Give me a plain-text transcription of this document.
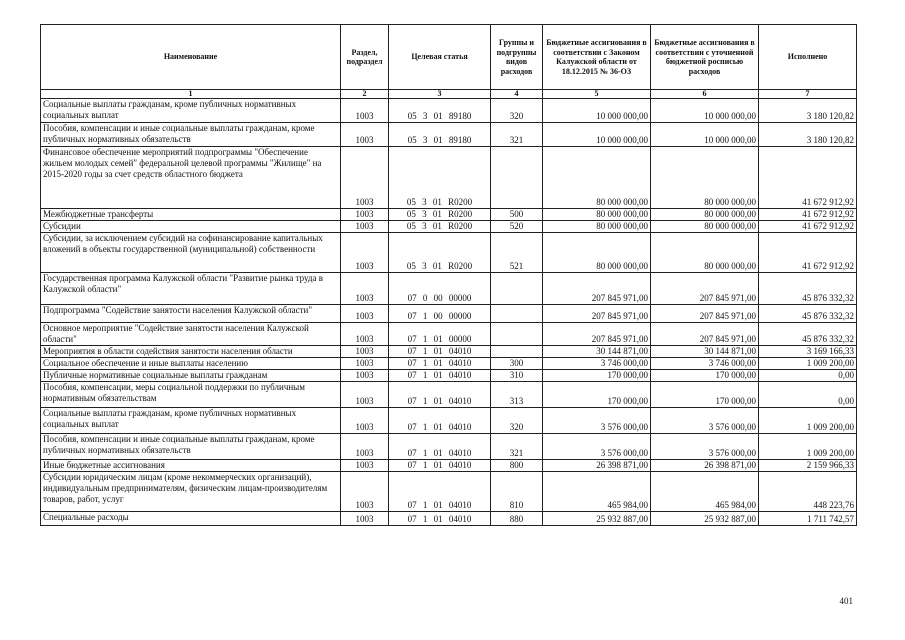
Наименование	Раздел, подраздел	Целевая статья	Группы и подгруппы видов расходов	Бюджетные ассигнования в соответствии с Законом Калужской области от 18.12.2015 № 36-ОЗ	Бюджетные ассигнования в соответствии с уточненной бюджетной росписью расходов	Исполнено
1	2	3	4	5	6	7
Социальные выплаты гражданам, кроме публичных нормативных социальных выплат	1003	05 3 01 89180	320	10 000 000,00	10 000 000,00	3 180 120,82
Пособия, компенсации и иные социальные выплаты гражданам, кроме публичных нормативных обязательств	1003	05 3 01 89180	321	10 000 000,00	10 000 000,00	3 180 120,82
Финансовое обеспечение мероприятий подпрограммы "Обеспечение жильем молодых семей" федеральной целевой программы "Жилище" на 2015-2020 годы за счет средств областного бюджета	1003	05 3 01 R0200		80 000 000,00	80 000 000,00	41 672 912,92
Межбюджетные трансферты	1003	05 3 01 R0200	500	80 000 000,00	80 000 000,00	41 672 912,92
Субсидии	1003	05 3 01 R0200	520	80 000 000,00	80 000 000,00	41 672 912,92
Субсидии, за исключением субсидий на софинансирование капитальных вложений в объекты государственной (муниципальной) собственности	1003	05 3 01 R0200	521	80 000 000,00	80 000 000,00	41 672 912,92
Государственная программа Калужской области "Развитие рынка труда в Калужской области"	1003	07 0 00 00000		207 845 971,00	207 845 971,00	45 876 332,32
Подпрограмма "Содействие занятости населения Калужской области"	1003	07 1 00 00000		207 845 971,00	207 845 971,00	45 876 332,32
Основное мероприятие "Содействие занятости населения Калужской области"	1003	07 1 01 00000		207 845 971,00	207 845 971,00	45 876 332,32
Мероприятия в области содействия занятости населения области	1003	07 1 01 04010		30 144 871,00	30 144 871,00	3 169 166,33
Социальное обеспечение и иные выплаты населению	1003	07 1 01 04010	300	3 746 000,00	3 746 000,00	1 009 200,00
Публичные нормативные социальные выплаты гражданам	1003	07 1 01 04010	310	170 000,00	170 000,00	0,00
Пособия, компенсации, меры социальной поддержки по публичным нормативным обязательствам	1003	07 1 01 04010	313	170 000,00	170 000,00	0,00
Социальные выплаты гражданам, кроме публичных нормативных социальных выплат	1003	07 1 01 04010	320	3 576 000,00	3 576 000,00	1 009 200,00
Пособия, компенсации и иные социальные выплаты гражданам, кроме публичных нормативных обязательств	1003	07 1 01 04010	321	3 576 000,00	3 576 000,00	1 009 200,00
Иные бюджетные ассигнования	1003	07 1 01 04010	800	26 398 871,00	26 398 871,00	2 159 966,33
Субсидии юридическим лицам (кроме некоммерческих организаций), индивидуальным предпринимателям, физическим лицам-производителям товаров, работ, услуг	1003	07 1 01 04010	810	465 984,00	465 984,00	448 223,76
Специальные расходы	1003	07 1 01 04010	880	25 932 887,00	25 932 887,00	1 711 742,57
401
